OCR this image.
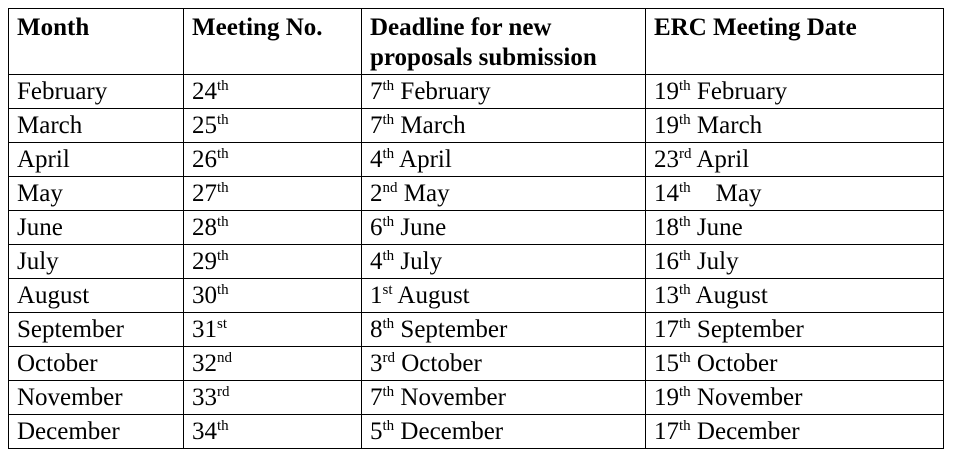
Month	Meeting No.	Deadline for new proposals submission	ERC Meeting Date
February	24th	7th February	19th February
March	25th	7th March	19th March
April	26th	4th April	23rd April
May	27th	2nd May	14th    May
June	28th	6th June	18th June
July	29th	4th July	16th July
August	30th	1st August	13th August
September	31st	8th September	17th September
October	32nd	3rd October	15th October
November	33rd	7th November	19th November
December	34th	5th December	17th December
